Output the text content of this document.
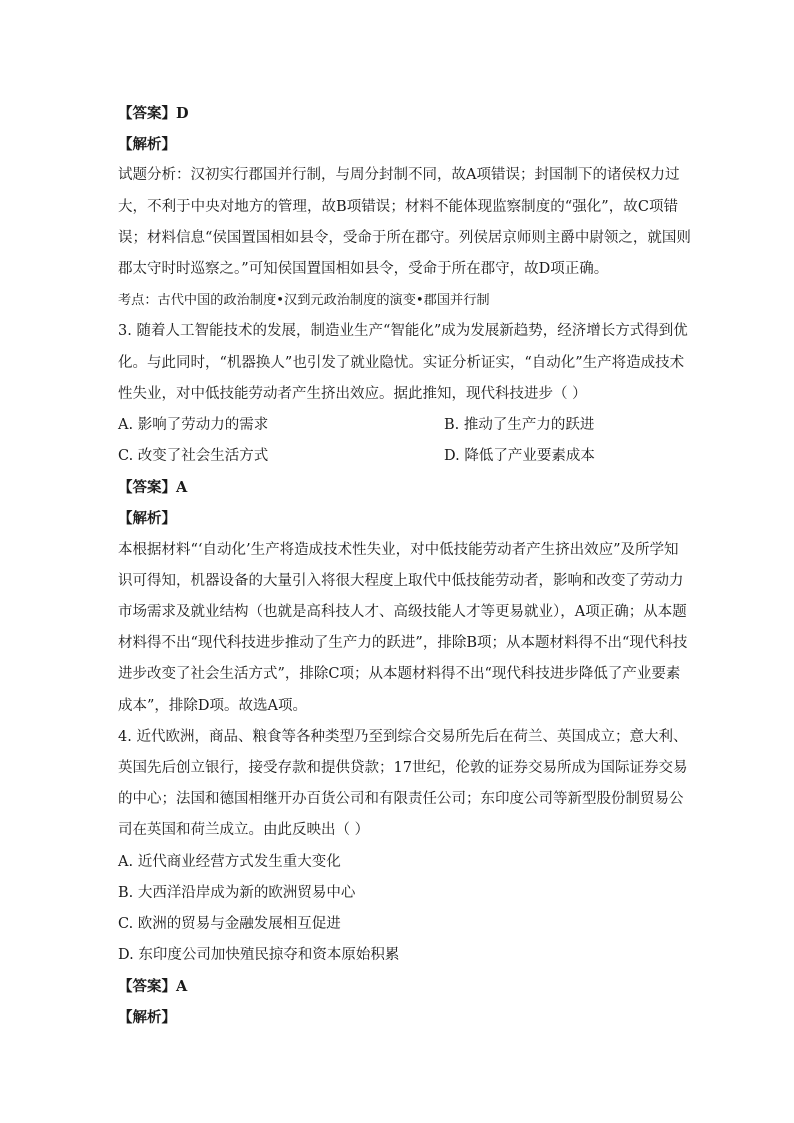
【答案】D
【解析】
试题分析：汉初实行郡国并行制，与周分封制不同，故A项错误；封国制下的诸侯权力过
大，不利于中央对地方的管理，故B项错误；材料不能体现监察制度的“强化”，故C项错
误；材料信息“侯国置国相如县令，受命于所在郡守。列侯居京师则主爵中尉领之，就国则
郡太守时时巡察之。”可知侯国置国相如县令，受命于所在郡守，故D项正确。
考点：古代中国的政治制度•汉到元政治制度的演变•郡国并行制
3. 随着人工智能技术的发展，制造业生产“智能化”成为发展新趋势，经济增长方式得到优
化。与此同时，“机器换人”也引发了就业隐忧。实证分析证实，“自动化”生产将造成技术
性失业，对中低技能劳动者产生挤出效应。据此推知，现代科技进步（ ）
A. 影响了劳动力的需求	B. 推动了生产力的跃进
C. 改变了社会生活方式	D. 降低了产业要素成本
【答案】A
【解析】
本根据材料“‘自动化’生产将造成技术性失业，对中低技能劳动者产生挤出效应”及所学知
识可得知，机器设备的大量引入将很大程度上取代中低技能劳动者，影响和改变了劳动力
市场需求及就业结构（也就是高科技人才、高级技能人才等更易就业），A项正确；从本题
材料得不出“现代科技进步推动了生产力的跃进”，排除B项；从本题材料得不出“现代科技
进步改变了社会生活方式”，排除C项；从本题材料得不出“现代科技进步降低了产业要素
成本”，排除D项。故选A项。
4. 近代欧洲，商品、粮食等各种类型乃至到综合交易所先后在荷兰、英国成立；意大利、
英国先后创立银行，接受存款和提供贷款；17世纪，伦敦的证券交易所成为国际证券交易
的中心；法国和德国相继开办百货公司和有限责任公司；东印度公司等新型股份制贸易公
司在英国和荷兰成立。由此反映出（ ）
A. 近代商业经营方式发生重大变化
B. 大西洋沿岸成为新的欧洲贸易中心
C. 欧洲的贸易与金融发展相互促进
D. 东印度公司加快殖民掠夺和资本原始积累
【答案】A
【解析】
